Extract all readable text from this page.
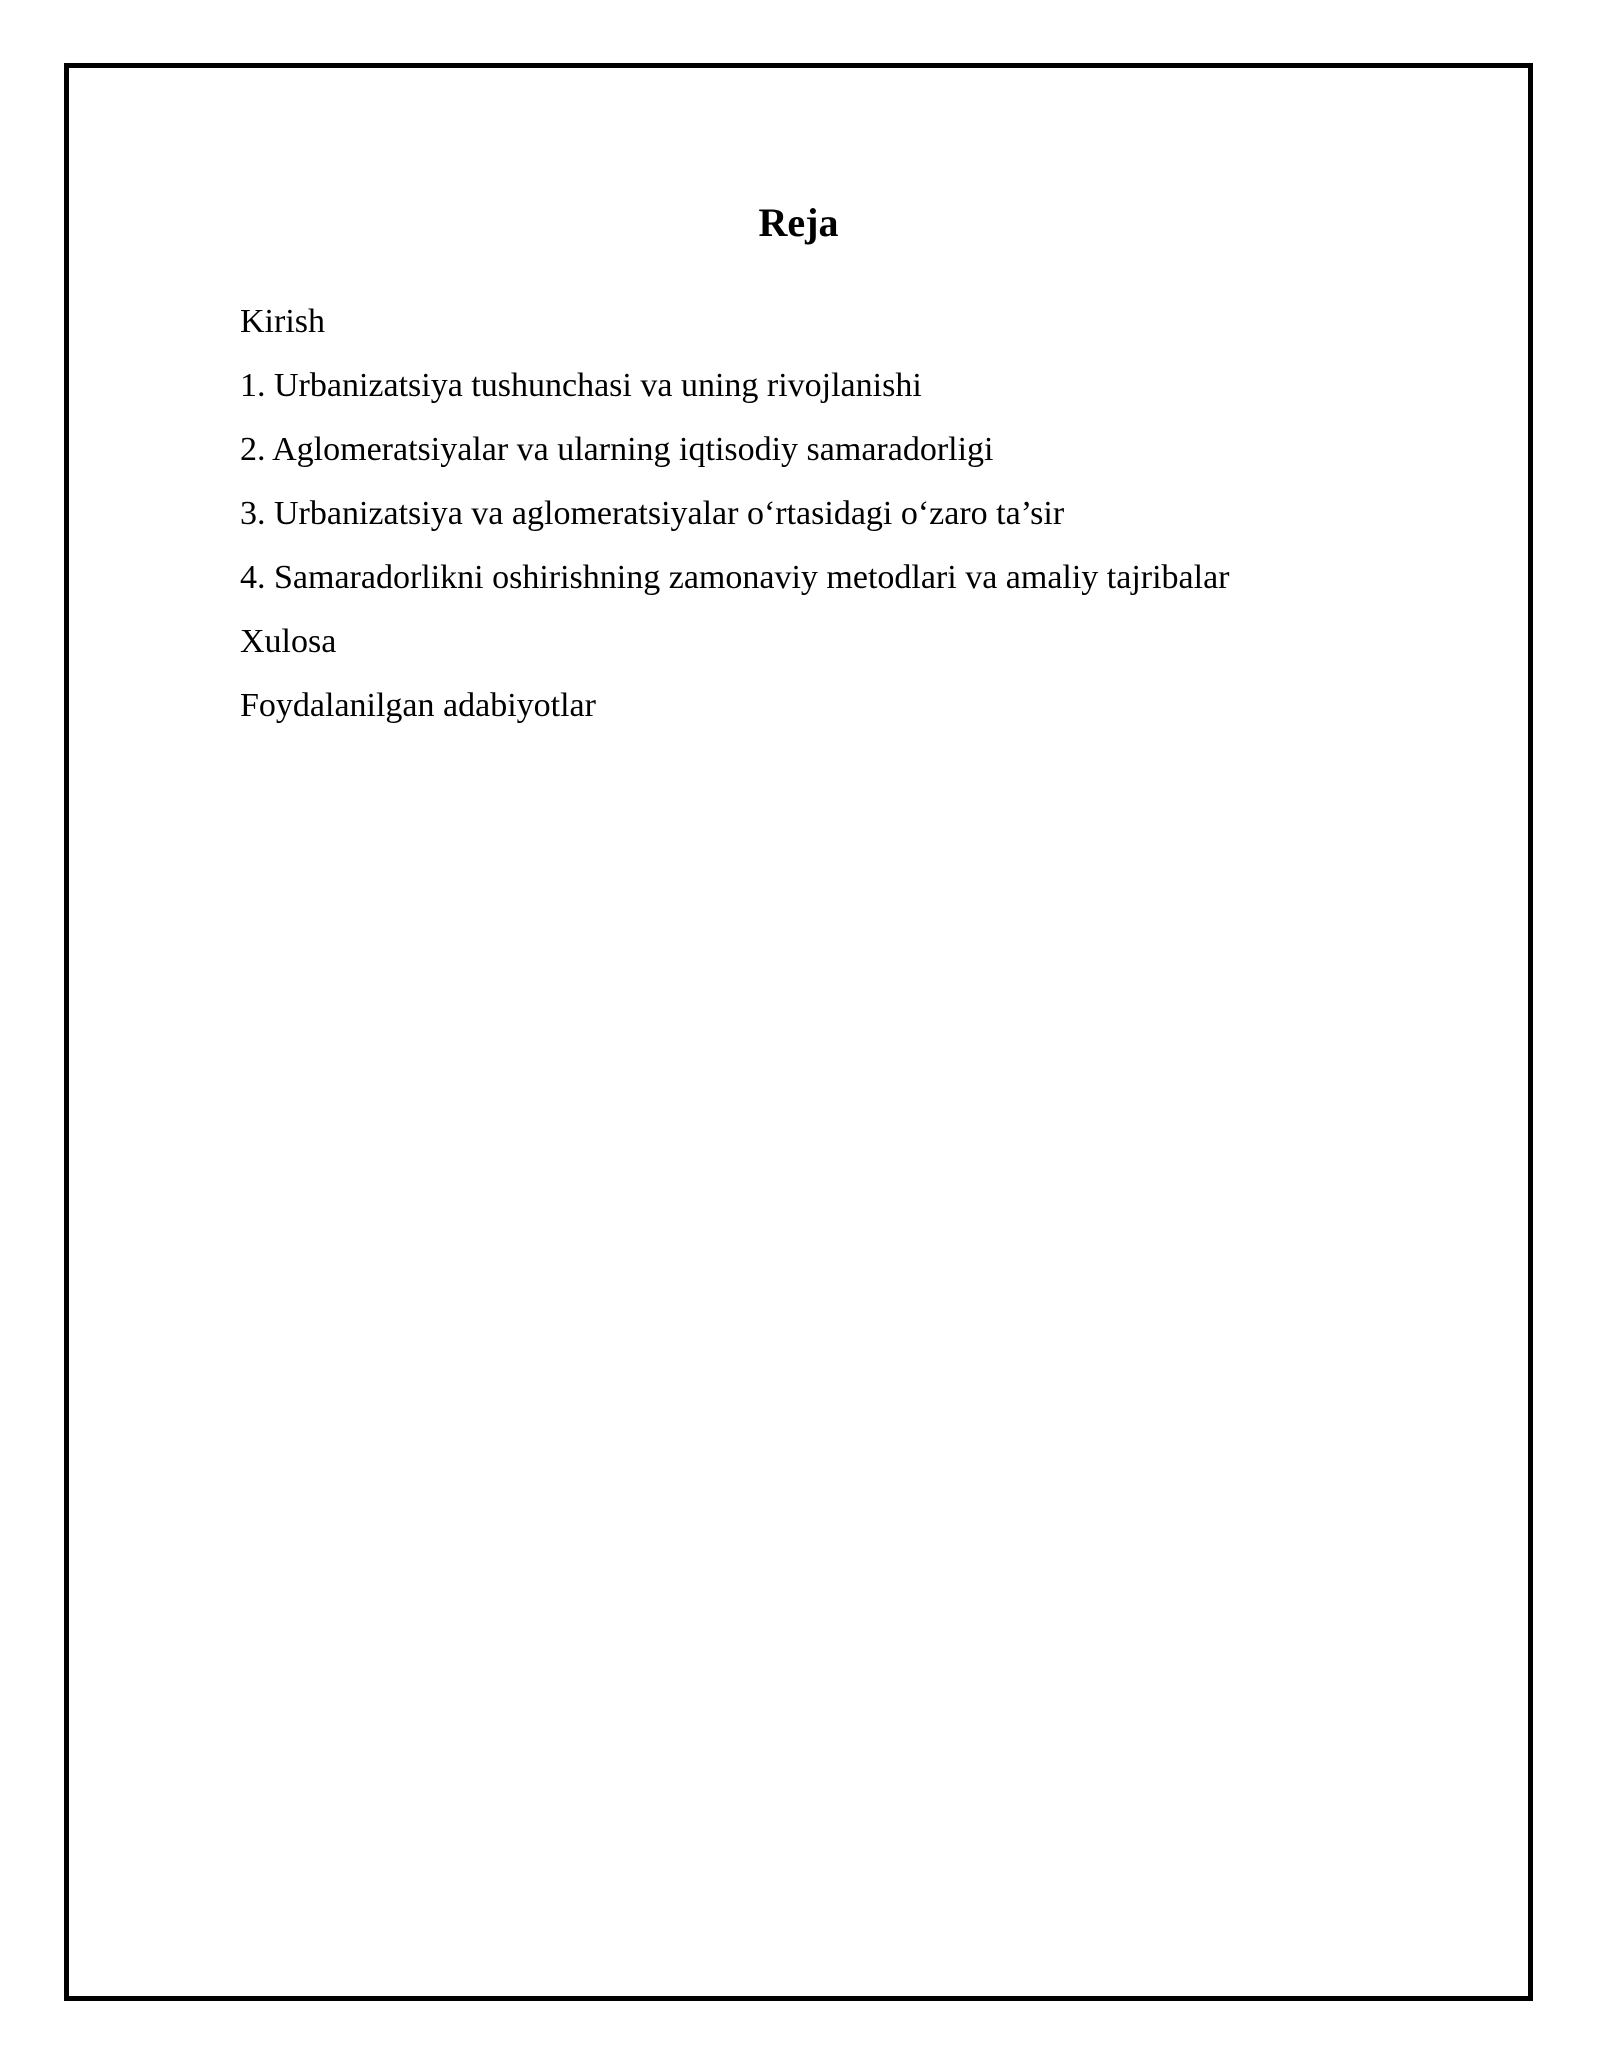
Reja
Kirish
1. Urbanizatsiya tushunchasi va uning rivojlanishi
2. Aglomeratsiyalar va ularning iqtisodiy samaradorligi
3. Urbanizatsiya va aglomeratsiyalar o‘rtasidagi o‘zaro ta’sir
4. Samaradorlikni oshirishning zamonaviy metodlari va amaliy tajribalar
Xulosa
Foydalanilgan adabiyotlar
